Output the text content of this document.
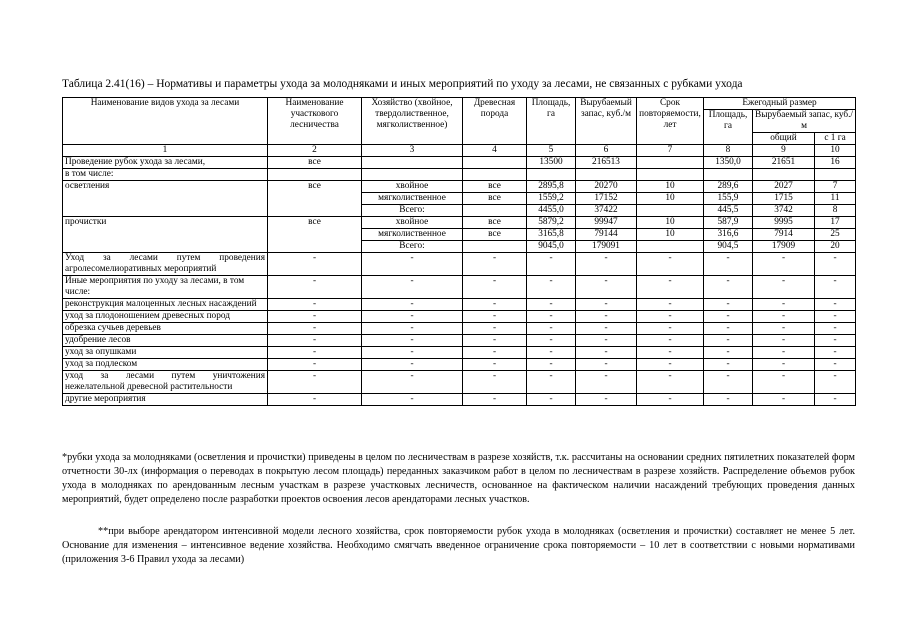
Таблица 2.41(16) – Нормативы и параметры ухода за молодняками и иных мероприятий по уходу за лесами, не связанных с рубками ухода
Наименование видов ухода за лесами	Наименование участкового лесничества	Хозяйство (хвойное, твердолиственное, мягколиственное)	Древесная порода	Площадь, га	Вырубаемый запас, куб./м	Срок повторяемости, лет	Ежегодный размер		
							Площадь, га	Вырубаемый запас, куб./м	
								общий	с 1 га
1	2	3	4	5	6	7	8	9	10
Проведение рубок ухода за лесами,	все			13500	216513		1350,0	21651	16
в том числе:									
осветления	все	хвойное	все	2895,8	20270	10	289,6	2027	7
		мягколиственное	все	1559,2	17152	10	155,9	1715	11
		Всего:		4455,0	37422		445,5	3742	8
прочистки	все	хвойное	все	5879,2	99947	10	587,9	9995	17
		мягколиственное	все	3165,8	79144	10	316,6	7914	25
		Всего:		9045,0	179091		904,5	17909	20
Уход за лесами путем проведения агролесомелиоративных мероприятий	-	-	-	-	-	-	-	-	-
Иные мероприятия по уходу за лесами, в том числе:	-	-	-	-	-	-	-	-	-
реконструкция малоценных лесных насаждений	-	-	-	-	-	-	-	-	-
уход за плодоношением древесных пород	-	-	-	-	-	-	-	-	-
обрезка сучьев деревьев	-	-	-	-	-	-	-	-	-
удобрение лесов	-	-	-	-	-	-	-	-	-
уход за опушками	-	-	-	-	-	-	-	-	-
уход за подлеском	-	-	-	-	-	-	-	-	-
уход за лесами путем уничтожения нежелательной древесной растительности	-	-	-	-	-	-	-	-	-
другие мероприятия	-	-	-	-	-	-	-	-	-

*рубки ухода за молодняками (осветления и прочистки) приведены в целом по лесничествам в разрезе хозяйств, т.к. рассчитаны на основании средних пятилетних показателей форм отчетности 30-лх (информация о переводах в покрытую лесом площадь) переданных заказчиком работ в целом по лесничествам в разрезе хозяйств. Распределение объемов рубок ухода в молодняках по арендованным лесным участкам в разрезе участковых лесничеств, основанное на фактическом наличии насаждений требующих проведения данных мероприятий, будет определено после разработки проектов освоения лесов арендаторами лесных участков.

**при выборе арендатором интенсивной модели лесного хозяйства, срок повторяемости рубок ухода в молодняках (осветления и прочистки) составляет не менее 5 лет. Основание для изменения – интенсивное ведение хозяйства. Необходимо смягчать введенное ограничение срока повторяемости – 10 лет в соответствии с новыми нормативами (приложения 3-6 Правил ухода за лесами)
